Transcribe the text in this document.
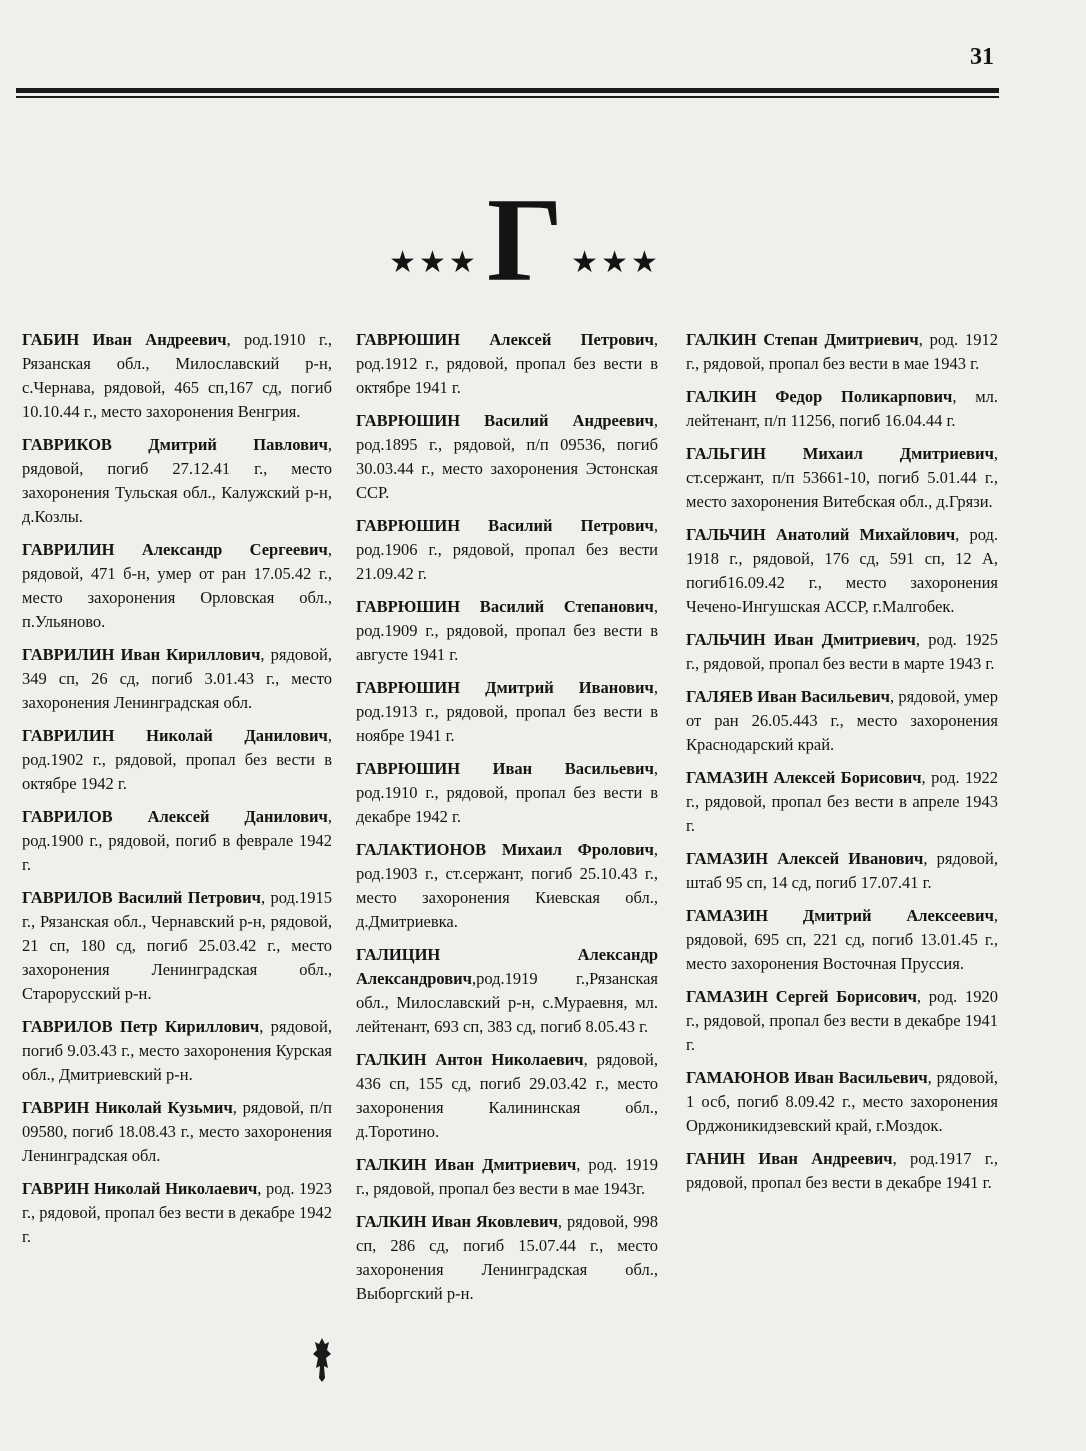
31
★★★ Г ★★★

ГАБИН Иван Андреевич, род.1910 г., Рязанская обл., Милославский р-н, с.Чернава, рядовой, 465 сп,167 сд, погиб 10.10.44 г., место захоронения Венгрия.

ГАВРИКОВ Дмитрий Павлович, рядовой, погиб 27.12.41 г., место захоронения Тульская обл., Калужский р-н, д.Козлы.

ГАВРИЛИН Александр Сергеевич, рядовой, 471 б-н, умер от ран 17.05.42 г., место захоронения Орловская обл., п.Ульяново.

ГАВРИЛИН Иван Кириллович, рядовой, 349 сп, 26 сд, погиб 3.01.43 г., место захоронения Ленинградская обл.

ГАВРИЛИН Николай Данилович, род.1902 г., рядовой, пропал без вести в октябре 1942 г.

ГАВРИЛОВ Алексей Данилович, род.1900 г., рядовой, погиб в феврале 1942 г.

ГАВРИЛОВ Василий Петрович, род.1915 г., Рязанская обл., Чернавский р-н, рядовой, 21 сп, 180 сд, погиб 25.03.42 г., место захоронения Ленинградская обл., Старорусский р-н.

ГАВРИЛОВ Петр Кириллович, рядовой, погиб 9.03.43 г., место захоронения Курская обл., Дмитриевский р-н.

ГАВРИН Николай Кузьмич, рядовой, п/п 09580, погиб 18.08.43 г., место захоронения Ленинградская обл.

ГАВРИН Николай Николаевич, род. 1923 г., рядовой, пропал без вести в декабре 1942 г.

ГАВРЮШИН Алексей Петрович, род.1912 г., рядовой, пропал без вести в октябре 1941 г.

ГАВРЮШИН Василий Андреевич, род.1895 г., рядовой, п/п 09536, погиб 30.03.44 г., место захоронения Эстонская ССР.

ГАВРЮШИН Василий Петрович, род.1906 г., рядовой, пропал без вести 21.09.42 г.

ГАВРЮШИН Василий Степанович, род.1909 г., рядовой, пропал без вести в августе 1941 г.

ГАВРЮШИН Дмитрий Иванович, род.1913 г., рядовой, пропал без вести в ноябре 1941 г.

ГАВРЮШИН Иван Васильевич, род.1910 г., рядовой, пропал без вести в декабре 1942 г.

ГАЛАКТИОНОВ Михаил Фролович, род.1903 г., ст.сержант, погиб 25.10.43 г., место захоронения Киевская обл., д.Дмитриевка.

ГАЛИЦИН Александр Александрович,род.1919 г.,Рязанская обл., Милославский р-н, с.Мураевня, мл. лейтенант, 693 сп, 383 сд, погиб 8.05.43 г.

ГАЛКИН Антон Николаевич, рядовой, 436 сп, 155 сд, погиб 29.03.42 г., место захоронения Калининская обл., д.Торотино.

ГАЛКИН Иван Дмитриевич, род. 1919 г., рядовой, пропал без вести в мае 1943г.

ГАЛКИН Иван Яковлевич, рядовой, 998 сп, 286 сд, погиб 15.07.44 г., место захоронения Ленинградская обл., Выборгский р-н.

ГАЛКИН Степан Дмитриевич, род. 1912 г., рядовой, пропал без вести в мае 1943 г.

ГАЛКИН Федор Поликарпович, мл. лейтенант, п/п 11256, погиб 16.04.44 г.

ГАЛЬГИН Михаил Дмитриевич, ст.сержант, п/п 53661-10, погиб 5.01.44 г., место захоронения Витебская обл., д.Грязи.

ГАЛЬЧИН Анатолий Михайлович, род. 1918 г., рядовой, 176 сд, 591 сп, 12 А, погиб16.09.42 г., место захоронения Чечено-Ингушская АССР, г.Малгобек.

ГАЛЬЧИН Иван Дмитриевич, род. 1925 г., рядовой, пропал без вести в марте 1943 г.

ГАЛЯЕВ Иван Васильевич, рядовой, умер от ран 26.05.443 г., место захоронения Краснодарский край.

ГАМАЗИН Алексей Борисович, род. 1922 г., рядовой, пропал без вести в апреле 1943 г.

ГАМАЗИН Алексей Иванович, рядовой, штаб 95 сп, 14 сд, погиб 17.07.41 г.

ГАМАЗИН Дмитрий Алексеевич, рядовой, 695 сп, 221 сд, погиб 13.01.45 г., место захоронения Восточная Пруссия.

ГАМАЗИН Сергей Борисович, род. 1920 г., рядовой, пропал без вести в декабре 1941 г.

ГАМАЮНОВ Иван Васильевич, рядовой, 1 осб, погиб 8.09.42 г., место захоронения Орджоникидзевский край, г.Моздок.

ГАНИН Иван Андреевич, род.1917 г., рядовой, пропал без вести в декабре 1941 г.
